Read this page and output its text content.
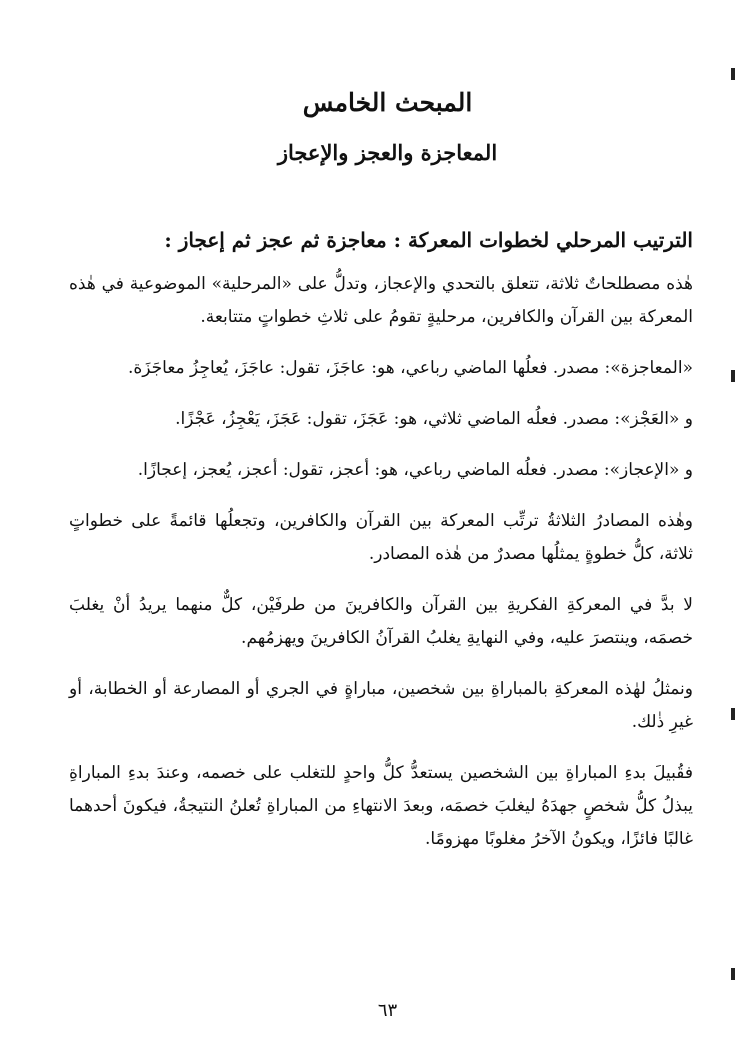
المبحث الخامس
المعاجزة والعجز والإعجاز
الترتيب المرحلي لخطوات المعركة : معاجزة ثم عجز ثم إعجاز :

هٰذه مصطلحاتٌ ثلاثة، تتعلق بالتحدي والإعجاز، وتدلُّ على «المرحلية» الموضوعية في هٰذه المعركة بين القرآن والكافرين، مرحليةٍ تقومُ على ثلاثِ خطواتٍ متتابعة.

«المعاجزة»: مصدر. فعلُها الماضي رباعي، هو: عاجَزَ، تقول: عاجَزَ، يُعاجِزُ معاجَزَة.

و «العَجْز»: مصدر. فعلُه الماضي ثلاثي، هو: عَجَزَ، تقول: عَجَزَ، يَعْجِزُ، عَجْزًا.

و «الإعجاز»: مصدر. فعلُه الماضي رباعي، هو: أعجز، تقول: أعجز، يُعجز، إعجازًا.

وهٰذه المصادرُ الثلاثةُ ترتِّب المعركة بين القرآن والكافرين، وتجعلُها قائمةً على خطواتٍ ثلاثة، كلُّ خطوةٍ يمثلُها مصدرٌ من هٰذه المصادر.

لا بدَّ في المعركةِ الفكريةِ بين القرآن والكافرينَ من طرفَيْن، كلٌّ منهما يريدُ أنْ يغلبَ خصمَه، وينتصرَ عليه، وفي النهايةِ يغلبُ القرآنُ الكافرينَ ويهزمُهم.

ونمثلُ لهٰذه المعركةِ بالمباراةِ بين شخصين، مباراةٍ في الجري أو المصارعة أو الخطابة، أو غيرِ ذٰلك.

فقُبيلَ بدءِ المباراةِ بين الشخصين يستعدُّ كلُّ واحدٍ للتغلب على خصمه، وعندَ بدءِ المباراةِ يبذلُ كلُّ شخصٍ جهدَهُ ليغلبَ خصمَه، وبعدَ الانتهاءِ من المباراةِ تُعلنُ النتيجةُ، فيكونَ أحدهما غالبًا فائزًا، ويكونُ الآخرُ مغلوبًا مهزومًا.

٦٣
